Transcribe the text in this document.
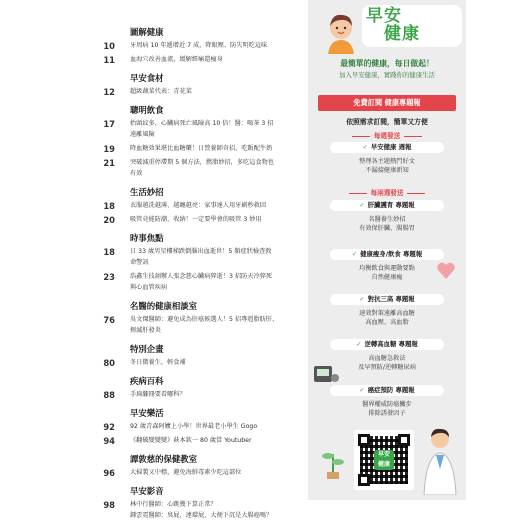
圖解健康
10 牙周病 10 年遞增近 7 成，降眼壓、防失明吃這味
11 血海穴改善血流，緩解經痛還瘦身
早安食材
12 超級蔬菜代表：青花菜
聰明飲食
17 抬頭紋多，心臟病死亡風險高 10 倍！醫：喝茶 3 招
遠離風險
19 降血糖效果堪比血糖藥！日營養師奇招，吃飯配牛奶
21 突破減重停滯期 5 個方法，燃脂妙招，多吃這食物也
有效
生活妙招
18 衣服越洗越薄、越纏越亮：家事達人用牙刷秒救回
20 吸管竟能防潮、收納！一定要學會的吸管 3 妙用
時事焦點
18 日 33 歲男星樓梯跌倒腦出血逝世！5 類症狀檢查敦
命警訊
23 浩鑫生技創辦人張念慈心臟病猝逝！3 招防天冷猝死
與心血管疾病
名醫的健康相談室
76 吳文傑醫師：避免成為肝癌候選人！5 招專剋脂肪肝、
揮滅肝發炎
特別企畫
80 冬日微養生，輕食補
疾病百科
88 手扁腳冊要看哪科？
早安樂活
92 92 歲青森阿嬤上小學！世界最老小學生 Gogo
94 《翻破變變變》萩本欽一 80 歲當 Youtuber
譚敦慈的保健教室
96 大掃製又中標，避免海鮮毒素少吃這部位
早安影音
98 林中行醫師：心跳幾下算正常？
鍾雲霓醫師：臭屁、連環屁、大便下沉是大腸癌嗎？
早安
健康
最簡單的健康，每日做起！
加入早安健康，實踐你的健康生活
免費訂閱 健康專題報
依照需求訂閱，簡單又方便
每週發送
✓ 早安健康 週報
整理各主題熱門好文
不漏接健康新知
每兩週發送
✓ 肝臟護育 專題報
名醫養生妙招
有效保肝臟、腸腸胃
✓ 健康瘦身/飲食 專題報
均衡飲食與運動要點
自然健康瘦
✓ 對抗三高 專題報
速效對策遠離高血糖
高血壓、高血脂
✓ 逆轉高血糖 專題報
高血糖急救法
及早預防/逆轉糖尿病
✓ 癌症預防 專題報
醫界權威防癌撇步
排除誘發因子
早安
健康
